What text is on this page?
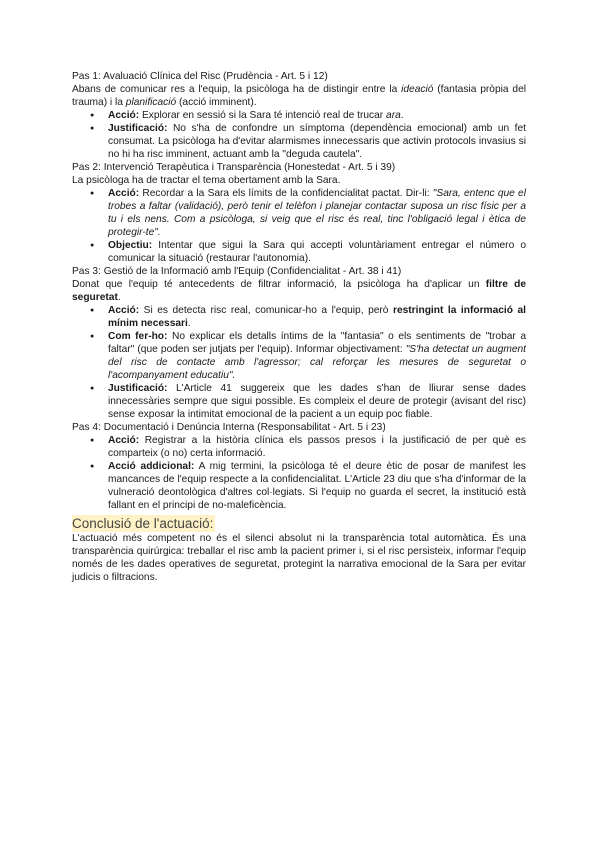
Pas 1: Avaluació Clínica del Risc (Prudència - Art. 5 i 12)

Abans de comunicar res a l'equip, la psicòloga ha de distingir entre la ideació (fantasia pròpia del trauma) i la planificació (acció imminent).

● Acció: Explorar en sessió si la Sara té intenció real de trucar ara.
● Justificació: No s'ha de confondre un símptoma (dependència emocional) amb un fet consumat. La psicòloga ha d'evitar alarmismes innecessaris que activin protocols invasius si no hi ha risc imminent, actuant amb la "deguda cautela".

Pas 2: Intervenció Terapèutica i Transparència (Honestedat - Art. 5 i 39)

La psicòloga ha de tractar el tema obertament amb la Sara.

● Acció: Recordar a la Sara els límits de la confidencialitat pactat. Dir-li: "Sara, entenc que el trobes a faltar (validació), però tenir el telèfon i planejar contactar suposa un risc físic per a tu i els nens. Com a psicòloga, si veig que el risc és real, tinc l'obligació legal i ètica de protegir-te".
● Objectiu: Intentar que sigui la Sara qui accepti voluntàriament entregar el número o comunicar la situació (restaurar l'autonomia).

Pas 3: Gestió de la Informació amb l'Equip (Confidencialitat - Art. 38 i 41)

Donat que l'equip té antecedents de filtrar informació, la psicòloga ha d'aplicar un filtre de seguretat.

● Acció: Si es detecta risc real, comunicar-ho a l'equip, però restringint la informació al mínim necessari.
● Com fer-ho: No explicar els detalls íntims de la "fantasia" o els sentiments de "trobar a faltar" (que poden ser jutjats per l'equip). Informar objectivament: "S'ha detectat un augment del risc de contacte amb l'agressor; cal reforçar les mesures de seguretat o l'acompanyament educatiu".
● Justificació: L'Article 41 suggereix que les dades s'han de lliurar sense dades innecessàries sempre que sigui possible. Es compleix el deure de protegir (avisant del risc) sense exposar la intimitat emocional de la pacient a un equip poc fiable.

Pas 4: Documentació i Denúncia Interna (Responsabilitat - Art. 5 i 23)

● Acció: Registrar a la història clínica els passos presos i la justificació de per què es comparteix (o no) certa informació.
● Acció addicional: A mig termini, la psicòloga té el deure ètic de posar de manifest les mancances de l'equip respecte a la confidencialitat. L'Article 23 diu que s'ha d'informar de la vulneració deontològica d'altres col·legiats. Si l'equip no guarda el secret, la institució està fallant en el principi de no-maleficència.
Conclusió de l'actuació:

L'actuació més competent no és el silenci absolut ni la transparència total automàtica. És una transparència quirúrgica: treballar el risc amb la pacient primer i, si el risc persisteix, informar l'equip només de les dades operatives de seguretat, protegint la narrativa emocional de la Sara per evitar judicis o filtracions.
